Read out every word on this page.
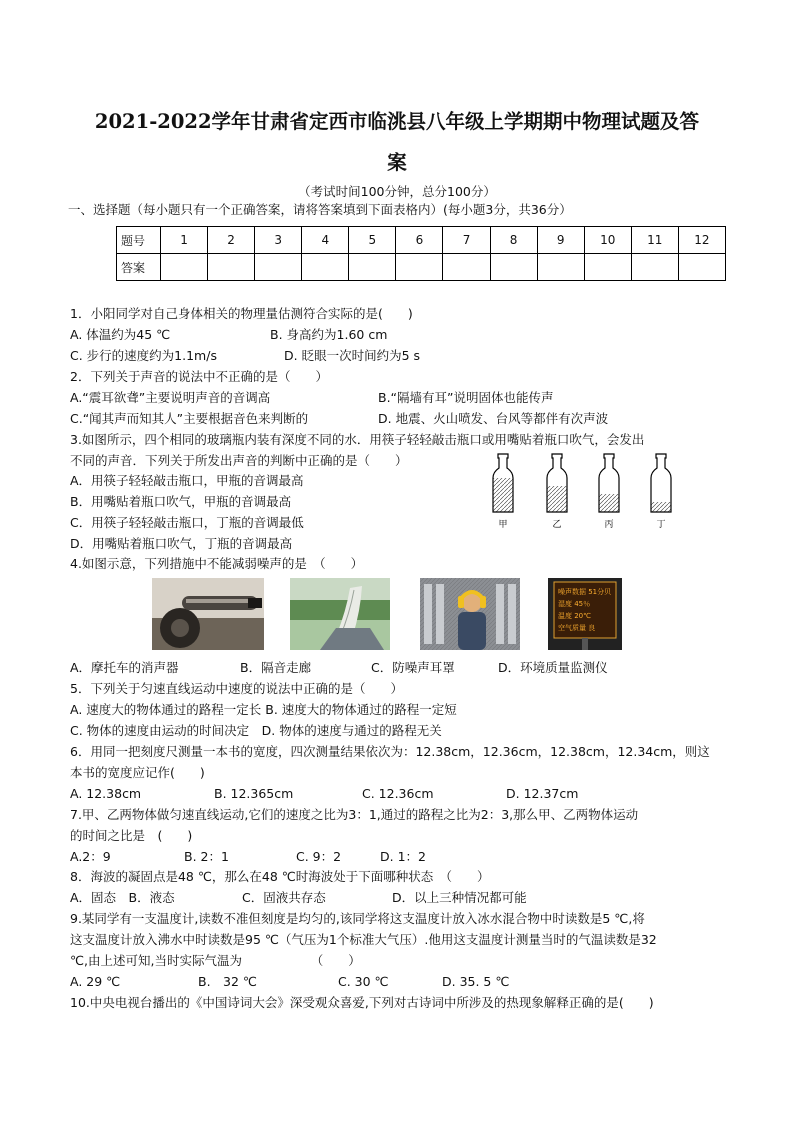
2021-2022学年甘肃省定西市临洮县八年级上学期期中物理试题及答
案
（考试时间100分钟，总分100分）
一、选择题（每小题只有一个正确答案，请将答案填到下面表格内）(每小题3分，共36分）
题号	1	2	3	4	5	6	7	8	9	10	11	12
答案												
1．小阳同学对自己身体相关的物理量估测符合实际的是(　　)
A. 体温约为45 ℃	B. 身高约为1.60 cm
C. 步行的速度约为1.1m/s	D. 眨眼一次时间约为5 s
2．下列关于声音的说法中不正确的是（　　）
A.“震耳欲聋”主要说明声音的音调高	B.“隔墙有耳”说明固体也能传声
C.“闻其声而知其人”主要根据音色来判断的	D. 地震、火山喷发、台风等都伴有次声波
3.如图所示，四个相同的玻璃瓶内装有深度不同的水．用筷子轻轻敲击瓶口或用嘴贴着瓶口吹气，会发出
不同的声音．下列关于所发出声音的判断中正确的是（　　）
A．用筷子轻轻敲击瓶口，甲瓶的音调最高
B．用嘴贴着瓶口吹气，甲瓶的音调最高
C．用筷子轻轻敲击瓶口，丁瓶的音调最低
D．用嘴贴着瓶口吹气，丁瓶的音调最高
甲	乙	丙	丁
4.如图示意，下列措施中不能减弱噪声的是　（　　）
噪声数据 51分贝
湿度 45％
温度 20℃
空气质量 良
A．摩托车的消声器	B．隔音走廊	C．防噪声耳罩	D．环境质量监测仪
5．下列关于匀速直线运动中速度的说法中正确的是（　　）
A. 速度大的物体通过的路程一定长 B. 速度大的物体通过的路程一定短
C. 物体的速度由运动的时间决定　D. 物体的速度与通过的路程无关
6．用同一把刻度尺测量一本书的宽度，四次测量结果依次为：12.38cm，12.36cm，12.38cm，12.34cm，则这
本书的宽度应记作(　　)
A. 12.38cm	B. 12.365cm	C. 12.36cm	D. 12.37cm
7.甲、乙两物体做匀速直线运动,它们的速度之比为3：1,通过的路程之比为2：3,那么甲、乙两物体运动
的时间之比是　(　　)
A.2：9	B. 2：1	C. 9：2	D. 1：2
8．海波的凝固点是48 ℃，那么在48 ℃时海波处于下面哪种状态　（　　）
A．固态　B．液态	C．固液共存态	D．以上三种情况都可能
9.某同学有一支温度计,读数不准但刻度是均匀的,该同学将这支温度计放入冰水混合物中时读数是5 ℃,将
这支温度计放入沸水中时读数是95 ℃（气压为1个标准大气压）.他用这支温度计测量当时的气温读数是32
℃,由上述可知,当时实际气温为　　　　　　（　　）
A. 29 ℃	B.　32 ℃	C. 30 ℃	D. 35. 5 ℃
10.中央电视台播出的《中国诗词大会》深受观众喜爱,下列对古诗词中所涉及的热现象解释正确的是(　　)
